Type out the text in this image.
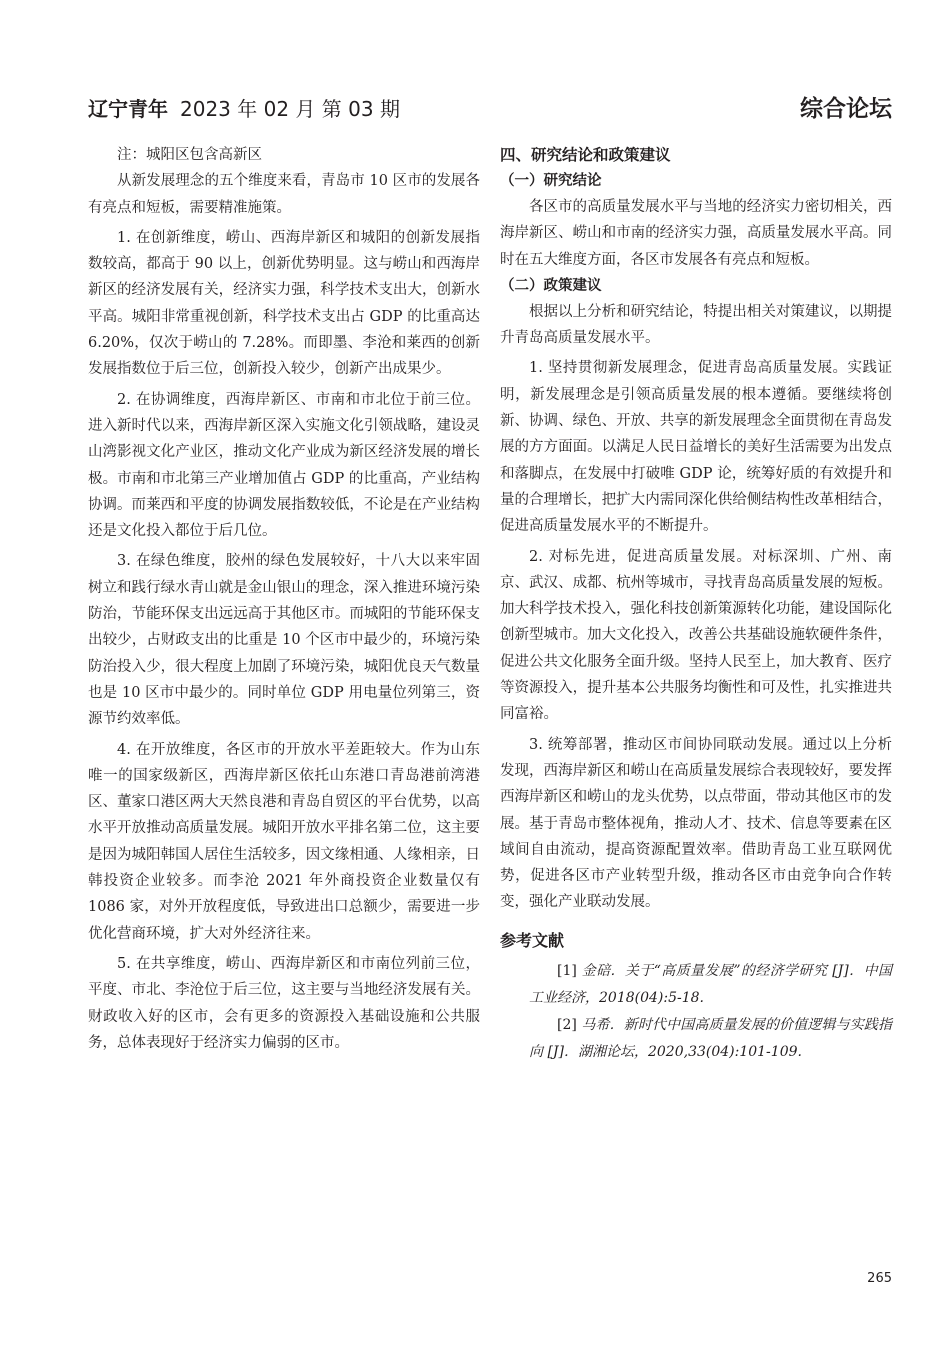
辽宁青年 2023 年 02 月 第 03 期	综合论坛

注：城阳区包含高新区

从新发展理念的五个维度来看，青岛市 10 区市的发展各有亮点和短板，需要精准施策。

1. 在创新维度，崂山、西海岸新区和城阳的创新发展指数较高，都高于 90 以上，创新优势明显。这与崂山和西海岸新区的经济发展有关，经济实力强，科学技术支出大，创新水平高。城阳非常重视创新，科学技术支出占 GDP 的比重高达 6.20%，仅次于崂山的 7.28%。而即墨、李沧和莱西的创新发展指数位于后三位，创新投入较少，创新产出成果少。

2. 在协调维度，西海岸新区、市南和市北位于前三位。进入新时代以来，西海岸新区深入实施文化引领战略，建设灵山湾影视文化产业区，推动文化产业成为新区经济发展的增长极。市南和市北第三产业增加值占 GDP 的比重高，产业结构协调。而莱西和平度的协调发展指数较低，不论是在产业结构还是文化投入都位于后几位。

3. 在绿色维度，胶州的绿色发展较好，十八大以来牢固树立和践行绿水青山就是金山银山的理念，深入推进环境污染防治，节能环保支出远远高于其他区市。而城阳的节能环保支出较少，占财政支出的比重是 10 个区市中最少的，环境污染防治投入少，很大程度上加剧了环境污染，城阳优良天气数量也是 10 区市中最少的。同时单位 GDP 用电量位列第三，资源节约效率低。

4. 在开放维度，各区市的开放水平差距较大。作为山东唯一的国家级新区，西海岸新区依托山东港口青岛港前湾港区、董家口港区两大天然良港和青岛自贸区的平台优势，以高水平开放推动高质量发展。城阳开放水平排名第二位，这主要是因为城阳韩国人居住生活较多，因文缘相通、人缘相亲，日韩投资企业较多。而李沧 2021 年外商投资企业数量仅有 1086 家，对外开放程度低，导致进出口总额少，需要进一步优化营商环境，扩大对外经济往来。

5. 在共享维度，崂山、西海岸新区和市南位列前三位，平度、市北、李沧位于后三位，这主要与当地经济发展有关。财政收入好的区市，会有更多的资源投入基础设施和公共服务，总体表现好于经济实力偏弱的区市。

四、研究结论和政策建议
（一）研究结论

各区市的高质量发展水平与当地的经济实力密切相关，西海岸新区、崂山和市南的经济实力强，高质量发展水平高。同时在五大维度方面，各区市发展各有亮点和短板。

（二）政策建议

根据以上分析和研究结论，特提出相关对策建议，以期提升青岛高质量发展水平。

1. 坚持贯彻新发展理念，促进青岛高质量发展。实践证明，新发展理念是引领高质量发展的根本遵循。要继续将创新、协调、绿色、开放、共享的新发展理念全面贯彻在青岛发展的方方面面。以满足人民日益增长的美好生活需要为出发点和落脚点，在发展中打破唯 GDP 论，统筹好质的有效提升和量的合理增长，把扩大内需同深化供给侧结构性改革相结合，促进高质量发展水平的不断提升。

2. 对标先进，促进高质量发展。对标深圳、广州、南京、武汉、成都、杭州等城市，寻找青岛高质量发展的短板。加大科学技术投入，强化科技创新策源转化功能，建设国际化创新型城市。加大文化投入，改善公共基础设施软硬件条件，促进公共文化服务全面升级。坚持人民至上，加大教育、医疗等资源投入，提升基本公共服务均衡性和可及性，扎实推进共同富裕。

3. 统筹部署，推动区市间协同联动发展。通过以上分析发现，西海岸新区和崂山在高质量发展综合表现较好，要发挥西海岸新区和崂山的龙头优势，以点带面，带动其他区市的发展。基于青岛市整体视角，推动人才、技术、信息等要素在区域间自由流动，提高资源配置效率。借助青岛工业互联网优势，促进各区市产业转型升级，推动各区市由竞争向合作转变，强化产业联动发展。

参考文献

[1] 金碚．关于“高质量发展”的经济学研究 [J]．中国工业经济，2018(04):5-18.

[2] 马希．新时代中国高质量发展的价值逻辑与实践指向 [J]．湖湘论坛，2020,33(04):101-109.

265
